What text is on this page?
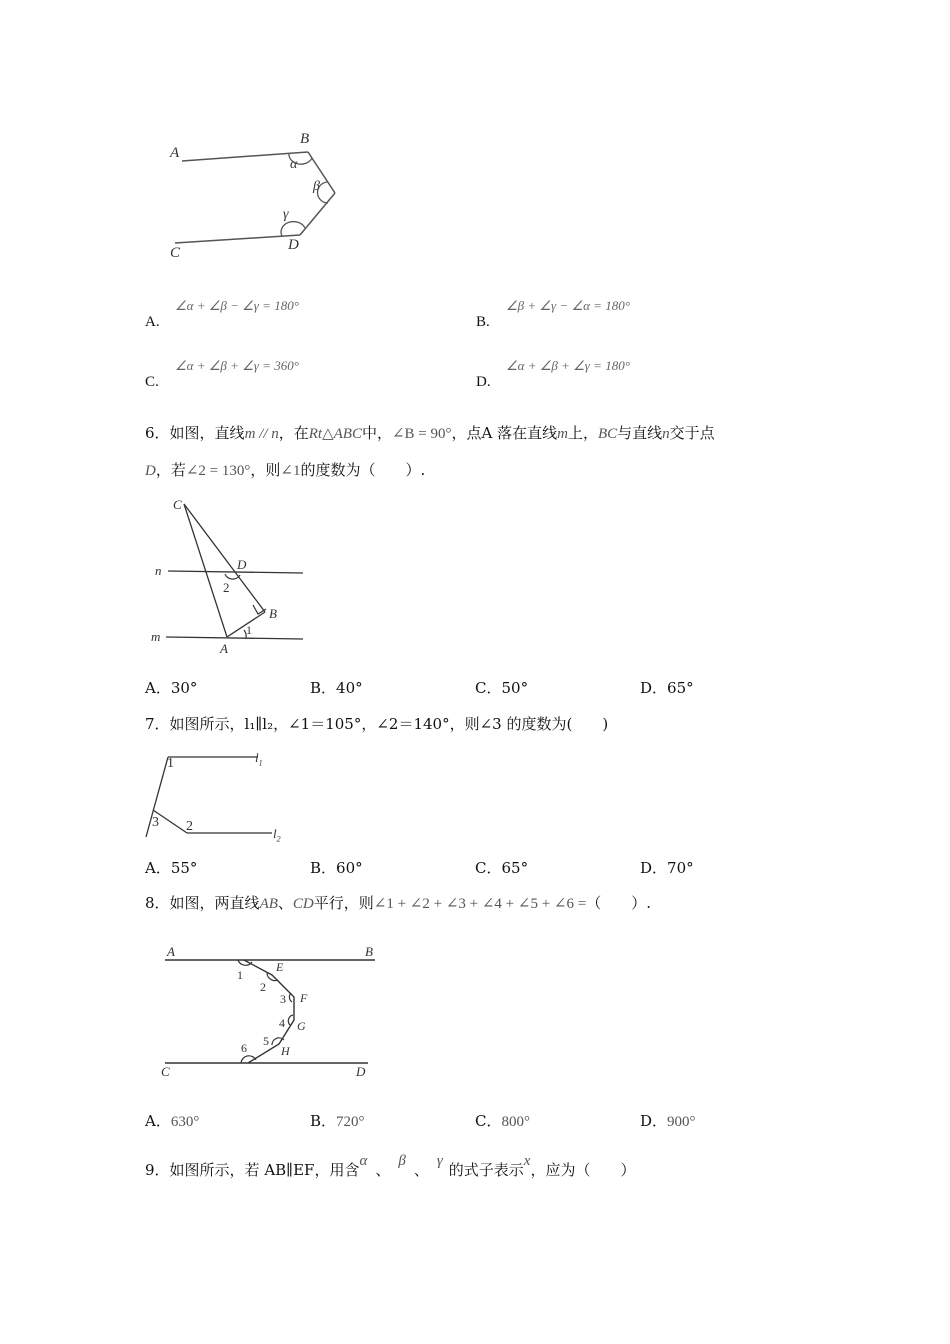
A
B
α
β
γ
D
C
∠α + ∠β − ∠γ = 180°
A.
∠β + ∠γ − ∠α = 180°
B.
∠α + ∠β + ∠γ = 360°
C.
∠α + ∠β + ∠γ = 180°
D.
6．如图，直线m // n，在Rt△ABC中，∠B = 90°，点A 落在直线m上，BC与直线n交于点
D，若∠2 = 130°，则∠1的度数为（　　）.
C
D
n
2
B
1
m
A
A．30°	B．40°	C．50°	D．65°
7．如图所示，l₁∥l₂，∠1＝105°，∠2＝140°，则∠3 的度数为(　　)
1	$l_1$
3 2	$l_2$
A．55°	B．60°	C．65°	D．70°
8．如图，两直线AB、CD平行，则∠1 + ∠2 + ∠3 + ∠4 + ∠5 + ∠6 =（　　）.
A	B
1
E
2
3 F
4 G
5
H
6
C	D
A．630°	B．720°	C．800°	D．900°
9．如图所示，若 AB∥EF，用含α 、 β 、 γ 的式子表示x，应为（　　）
